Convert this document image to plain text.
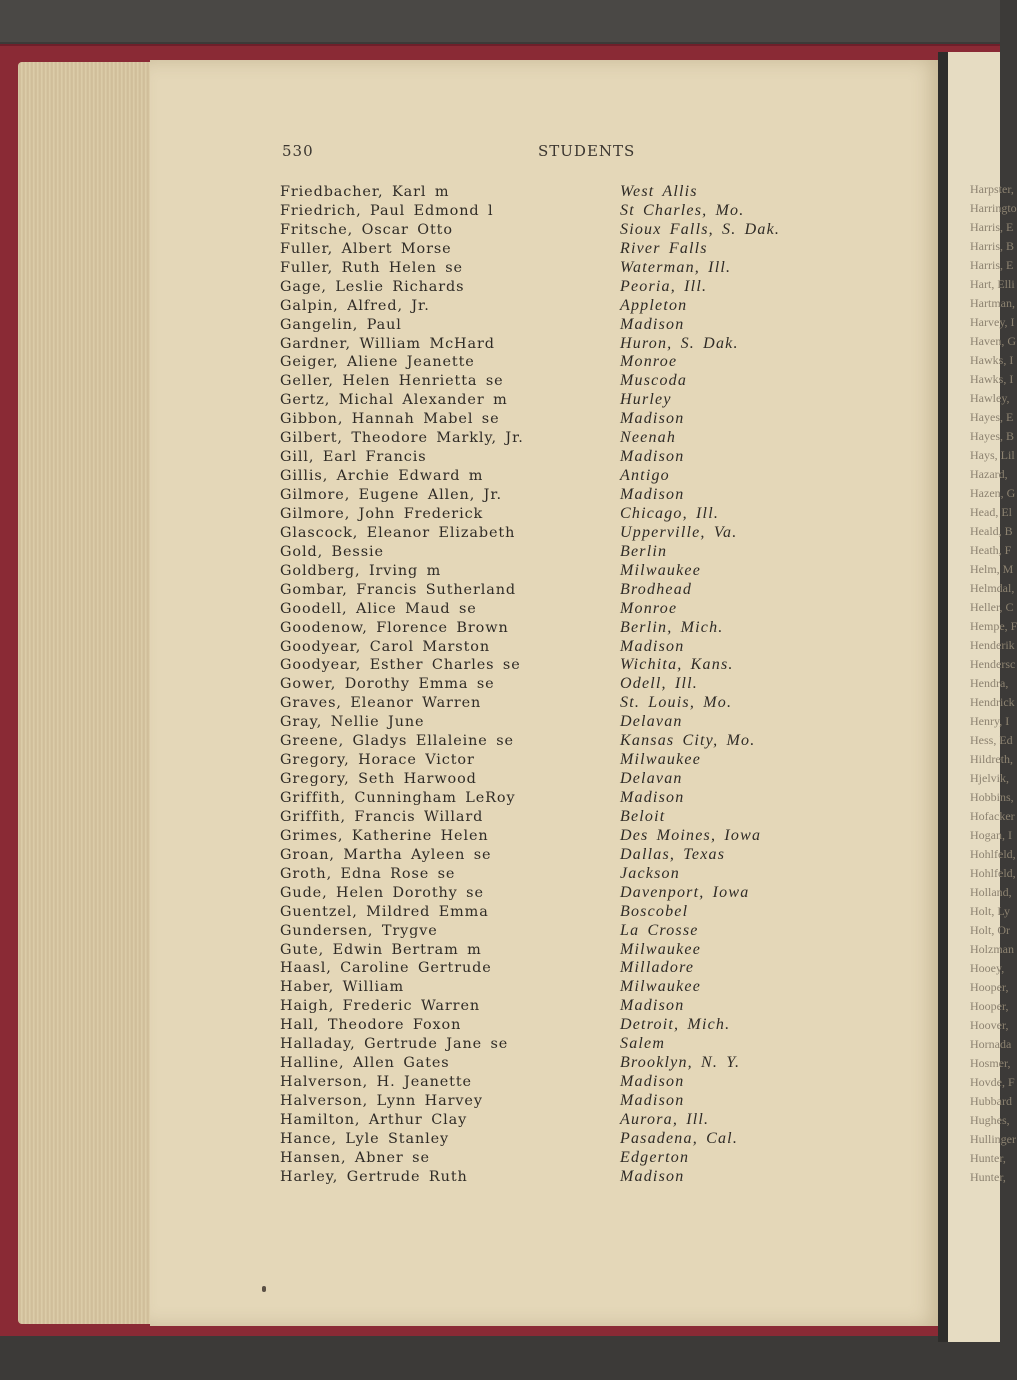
530	STUDENTS
Friedbacher, Karl m
Friedrich, Paul Edmond l
Fritsche, Oscar Otto
Fuller, Albert Morse
Fuller, Ruth Helen se
Gage, Leslie Richards
Galpin, Alfred, Jr.
Gangelin, Paul
Gardner, William McHard
Geiger, Aliene Jeanette
Geller, Helen Henrietta se
Gertz, Michal Alexander m
Gibbon, Hannah Mabel se
Gilbert, Theodore Markly, Jr.
Gill, Earl Francis
Gillis, Archie Edward m
Gilmore, Eugene Allen, Jr.
Gilmore, John Frederick
Glascock, Eleanor Elizabeth
Gold, Bessie
Goldberg, Irving m
Gombar, Francis Sutherland
Goodell, Alice Maud se
Goodenow, Florence Brown
Goodyear, Carol Marston
Goodyear, Esther Charles se
Gower, Dorothy Emma se
Graves, Eleanor Warren
Gray, Nellie June
Greene, Gladys Ellaleine se
Gregory, Horace Victor
Gregory, Seth Harwood
Griffith, Cunningham LeRoy
Griffith, Francis Willard
Grimes, Katherine Helen
Groan, Martha Ayleen se
Groth, Edna Rose se
Gude, Helen Dorothy se
Guentzel, Mildred Emma
Gundersen, Trygve
Gute, Edwin Bertram m
Haasl, Caroline Gertrude
Haber, William
Haigh, Frederic Warren
Hall, Theodore Foxon
Halladay, Gertrude Jane se
Halline, Allen Gates
Halverson, H. Jeanette
Halverson, Lynn Harvey
Hamilton, Arthur Clay
Hance, Lyle Stanley
Hansen, Abner se
Harley, Gertrude Ruth
West Allis
St Charles, Mo.
Sioux Falls, S. Dak.
River Falls
Waterman, Ill.
Peoria, Ill.
Appleton
Madison
Huron, S. Dak.
Monroe
Muscoda
Hurley
Madison
Neenah
Madison
Antigo
Madison
Chicago, Ill.
Upperville, Va.
Berlin
Milwaukee
Brodhead
Monroe
Berlin, Mich.
Madison
Wichita, Kans.
Odell, Ill.
St. Louis, Mo.
Delavan
Kansas City, Mo.
Milwaukee
Delavan
Madison
Beloit
Des Moines, Iowa
Dallas, Texas
Jackson
Davenport, Iowa
Boscobel
La Crosse
Milwaukee
Milladore
Milwaukee
Madison
Detroit, Mich.
Salem
Brooklyn, N. Y.
Madison
Madison
Aurora, Ill.
Pasadena, Cal.
Edgerton
Madison
Harpster,
Harringto
Harris, E
Harris, B
Harris, E
Hart, Elli
Hartman,
Harvey, I
Haven, G
Hawks, I
Hawks, I
Hawley,
Hayes, E
Hayes, B
Hays, Lil
Hazard,
Hazen, G
Head, El
Heald, B
Heath, F
Helm, M
Helmdal,
Heller, C
Hempe, F
Henderik
Hendersc
Hendra,
Hendrick
Henry, I
Hess, Ed
Hildreth,
Hjelvik,
Hobbins,
Hofacker
Hogan, I
Hohlfeld,
Hohlfeld,
Holland,
Holt, Ly
Holt, Or
Holzman
Hooey,
Hooper,
Hooper,
Hoover,
Hornada
Hosmer,
Hovde, F
Hubbard
Hughes,
Hullinger
Hunter,
Hunter,
